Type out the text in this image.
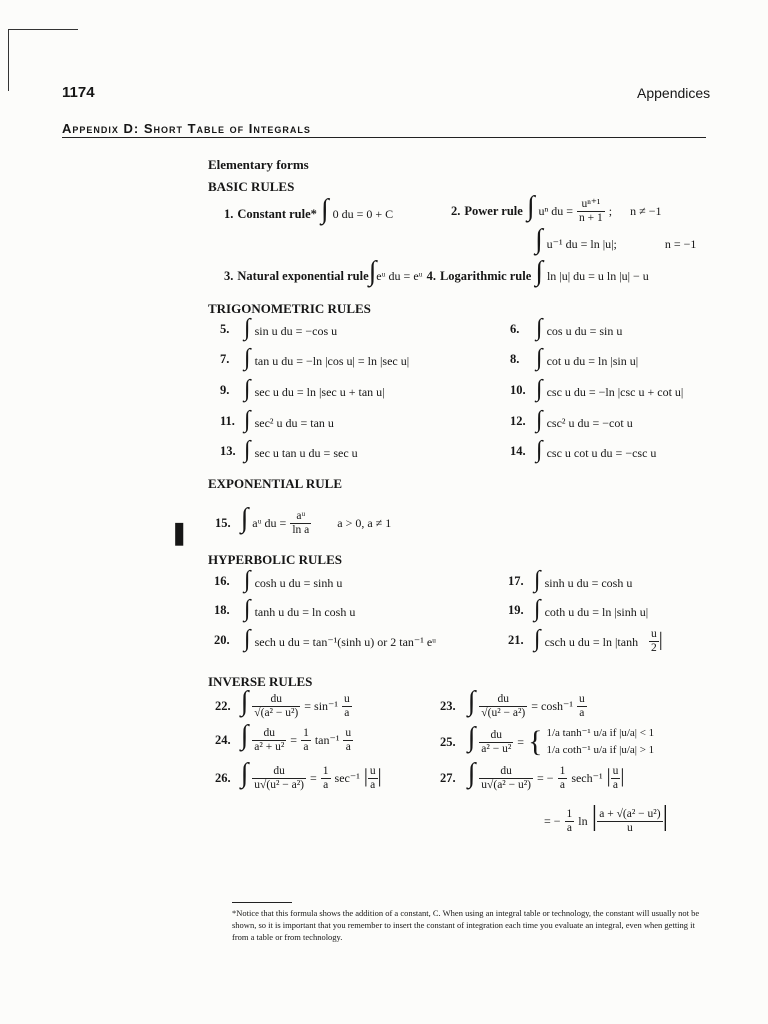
1174	Appendices
Appendix D: Short Table of Integrals
Elementary forms
BASIC RULES
1. Constant rule* ∫ 0 du = 0 + C	2. Power rule ∫ uⁿ du = $\frac{\text{uⁿ⁺¹}}{n + 1}$ ;      n ≠ −1
∫ u⁻¹ du = ln |u|;	n = −1
3. Natural exponential rule∫eᵘ du = eᵘ 4. Logarithmic rule ∫ ln |u| du = u ln |u| − u
TRIGONOMETRIC RULES
5. ∫ sin u du = −cos u	6. ∫ cos u du = sin u
7. ∫ tan u du = −ln |cos u| = ln |sec u|	8. ∫ cot u du = ln |sin u|
9. ∫ sec u du = ln |sec u + tan u|	10. ∫ csc u du = −ln |csc u + cot u|
11. ∫ sec² u du = tan u	12. ∫ csc² u du = −cot u
13. ∫ sec u tan u du = sec u	14. ∫ csc u cot u du = −csc u
EXPONENTIAL RULE
15. ∫ aᵘ du = $\frac{\text{aᵘ}}{\text{ln a}}$ a > 0, a ≠ 1
❚
HYPERBOLIC RULES
16. ∫ cosh u du = sinh u	17. ∫ sinh u du = cosh u
18. ∫ tanh u du = ln cosh u	19. ∫ coth u du = ln |sinh u|
20. ∫ sech u du = tan⁻¹(sinh u) or 2 tan⁻¹ eᵘ	21. ∫ csch u du = $\ln |\tanh \frac{u}{2}$ |
INVERSE RULES
22. ∫ $\frac{du}{\text{√(a² − u²)}} = \sin^{-1} \frac{u}{a}$	23. ∫ $\frac{du}{\text{√(u² − a²)}} = \cosh^{-1} \frac{u}{a}$
24. ∫ $\frac{du}{\text{a² + u²}} = \frac{1}{a} \tan^{-1} \frac{u}{a}$	25. ∫ $\frac{du}{\text{a² − u²}}$ = { 1/a tanh⁻¹ u/a if |u/a| < 1
1/a coth⁻¹ u/a if |u/a| > 1
26. ∫ $\frac{du}{\text{u√(u² − a²)}} = \frac{1}{a} \sec^{-1}$ | $\frac{u}{a}$ |	27. ∫ $\frac{du}{\text{u√(a² − u²)}}$ = − $\frac{1}{a} \sec h^{-1}$ | $\frac{u}{a}$ |
= − $\frac{1}{a}$ ln | $\frac{\text{a + √(a² − u²)}}{u}$ |
*Notice that this formula shows the addition of a constant, C. When using an integral table or technology, the constant will usually not be shown, so it is important that you remember to insert the constant of integration each time you evaluate an integral, even when getting it from a table or from technology.
